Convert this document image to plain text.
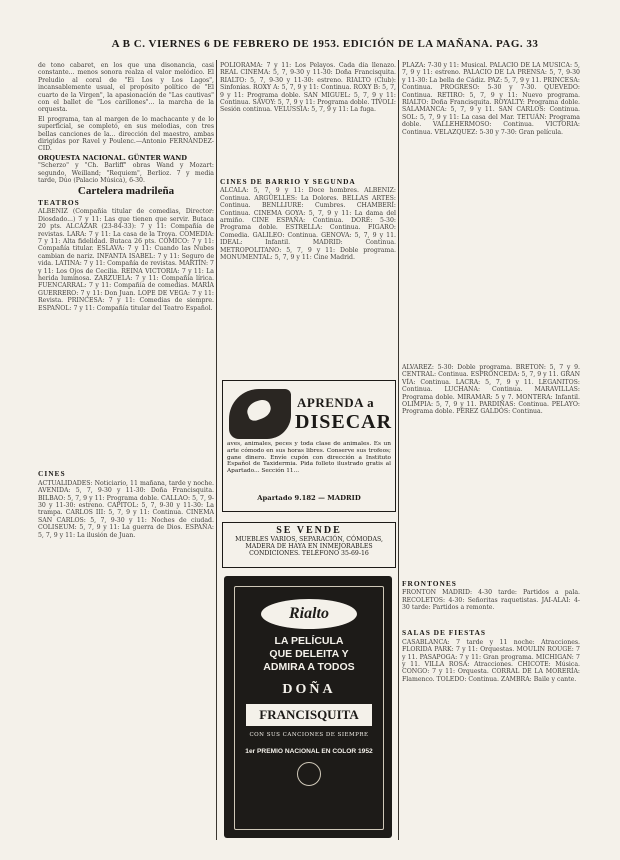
A B C. VIERNES 6 DE FEBRERO DE 1953. EDICIÓN DE LA MAÑANA. PAG. 33
de tono cabaret, en los que una disonancia, casi constante... menos sonora realza el valor melódico. El Preludio al coral de "Ei Los y Los Lagos", incansablemente usual, el propósito político de "El cuarto de la Virgen", la apasionación de "Las cautivas" con el ballet de "Los carillones"... la marcha de la orquesta.
El programa, tan al margen de lo machacante y de lo superficial, se completó, en sus melodias, con tres bellas canciones de la... dirección del maestro, ambas dirigidas por Ravel y Poulenc.—Antonio FERNÁNDEZ-CID.
ORQUESTA NACIONAL. GÜNTER WAND
"Scherzo" y "Ch. Barliff" obras Wand y Mozart: segundo, Weilland; "Requiem", Berlioz. 7 y media tarde, Dúo (Palacio Música), 6-30.
Cartelera madrileña
TEATROS
ALBÉNIZ (Compañía titular de comedias, Director: Diosdado...) 7 y 11: Las que tienen que servir. Butaca 20 pts. ALCÁZAR (23-84-33): 7 y 11: Compañía de revistas. LARA: 7 y 11: La casa de la Troya. COMEDIA: 7 y 11: Alta fidelidad. Butaca 26 pts. CÓMICO: 7 y 11: Compañía titular. ESLAVA: 7 y 11: Cuando las Nubes cambian de nariz. INFANTA ISABEL: 7 y 11: Seguro de vida. LATINA: 7 y 11: Compañía de revistas. MARTÍN: 7 y 11: Los Ojos de Cecilia. REINA VICTORIA: 7 y 11: La herida luminosa. ZARZUELA: 7 y 11: Compañía lírica. FUENCARRAL: 7 y 11: Compañía de comedias. MARÍA GUERRERO: 7 y 11: Don Juan. LOPE DE VEGA: 7 y 11: Revista. PRINCESA: 7 y 11: Comedias de siempre. ESPAÑOL: 7 y 11: Compañía titular del Teatro Español.
CINES
ACTUALIDADES: Noticiario, 11 mañana, tarde y noche. AVENIDA: 5, 7, 9-30 y 11-30: Doña Francisquita. BILBAO: 5, 7, 9 y 11: Programa doble. CALLAO: 5, 7, 9-30 y 11-30: estreno. CAPITOL: 5, 7, 9-30 y 11-30: La trampa. CARLOS III: 5, 7, 9 y 11: Continua. CINEMA SAN CARLOS: 5, 7, 9-30 y 11: Noches de ciudad. COLISEUM: 5, 7, 9 y 11: La guerra de Dios. ESPAÑA: 5, 7, 9 y 11: La ilusión de Juan.
POLIORAMA: 7 y 11: Los Pelayos. Cada día llenazo. REAL CINEMA: 5, 7, 9-30 y 11-30: Doña Francisquita. RIALTO: 5, 7, 9-30 y 11-30: estreno. RIALTO (Club): Sinfonías. ROXY A: 5, 7, 9 y 11: Continua. ROXY B: 5, 7, 9 y 11: Programa doble. SAN MIGUEL: 5, 7, 9 y 11: Continua. SAVOY: 5, 7, 9 y 11: Programa doble. TÍVOLI: Sesión continua. VELUSSIA: 5, 7, 9 y 11: La fuga.
CINES DE BARRIO Y SEGUNDA
ALCALÁ: 5, 7, 9 y 11: Doce hombres. ALBÉNIZ: Continua. ARGÜELLES: La Dolores. BELLAS ARTES: Continua. BENLLIURE: Cumbres. CHAMBERÍ: Continua. CINEMA GOYA: 5, 7, 9 y 11: La dama del armiño. CINE ESPAÑA: Continua. DORÉ: 5-30: Programa doble. ESTRELLA: Continua. FIGARO: Comedia. GALILEO: Continua. GENOVA: 5, 7, 9 y 11. IDEAL: Infantil. MADRID: Continua. METROPOLITANO: 5, 7, 9 y 11: Doble programa. MONUMENTAL: 5, 7, 9 y 11: Cine Madrid.
APRENDA a
DISECAR
aves, animales, peces y toda clase de animales. Es un arte cómodo en sus horas libres. Conserve sus trofeos; gane dinero. Envíe cupón con dirección a Instituto Español de Taxidermia. Pida folleto ilustrado gratis al Apartado... Sección 11...
Apartado 9.182 — MADRID
SE VENDE
MUEBLES VARIOS, SEPARACIÓN, CÓMODAS, MADERA DE HAYA EN INMEJORABLES CONDICIONES. TELÉFONO 35-69-16
Rialto
LA PELÍCULA
QUE DELEITA Y
ADMIRA A TODOS
DOÑA
FRANCISQUITA
CON SUS CANCIONES DE SIEMPRE
1er PREMIO NACIONAL EN COLOR 1952
PLAZA: 7-30 y 11: Musical. PALACIO DE LA MÚSICA: 5, 7, 9 y 11: estreno. PALACIO DE LA PRENSA: 5, 7, 9-30 y 11-30: La bella de Cádiz. PAZ: 5, 7, 9 y 11. PRINCESA: Continua. PROGRESO: 5-30 y 7-30. QUEVEDO: Continua. RETIRO: 5, 7, 9 y 11: Nuevo programa. RIALTO: Doña Francisquita. ROYALTY: Programa doble. SALAMANCA: 5, 7, 9 y 11. SAN CARLOS: Continua. SOL: 5, 7, 9 y 11: La casa del Mar. TETUÁN: Programa doble. VALLEHERMOSO: Continua. VICTORIA: Continua. VELAZQUEZ: 5-30 y 7-30: Gran película.
ÁLVAREZ: 5-30: Doble programa. BRETÓN: 5, 7 y 9. CENTRAL: Continua. ESPRONCEDA: 5, 7, 9 y 11. GRAN VÍA: Continua. LACRA: 5, 7, 9 y 11. LEGANITOS: Continua. LUCHANA: Continua. MARAVILLAS: Programa doble. MIRAMAR: 5 y 7. MONTERA: Infantil. OLIMPIA: 5, 7, 9 y 11. PARDIÑAS: Continua. PELAYO: Programa doble. PÉREZ GALDÓS: Continua.
FRONTONES
FRONTÓN MADRID: 4-30 tarde: Partidos a pala. RECOLETOS: 4-30: Señoritas raquetistas. JAI-ALAI: 4-30 tarde: Partidos a remonte.
SALAS DE FIESTAS
CASABLANCA: 7 tarde y 11 noche: Atracciones. FLORIDA PARK: 7 y 11: Orquestas. MOULIN ROUGE: 7 y 11. PASAPOGA: 7 y 11: Gran programa. MICHIGAN: 7 y 11. VILLA ROSA: Atracciones. CHICOTE: Música. CONGO: 7 y 11: Orquesta. CORRAL DE LA MORERÍA: Flamenco. TOLEDO: Continua. ZAMBRA: Baile y cante.
